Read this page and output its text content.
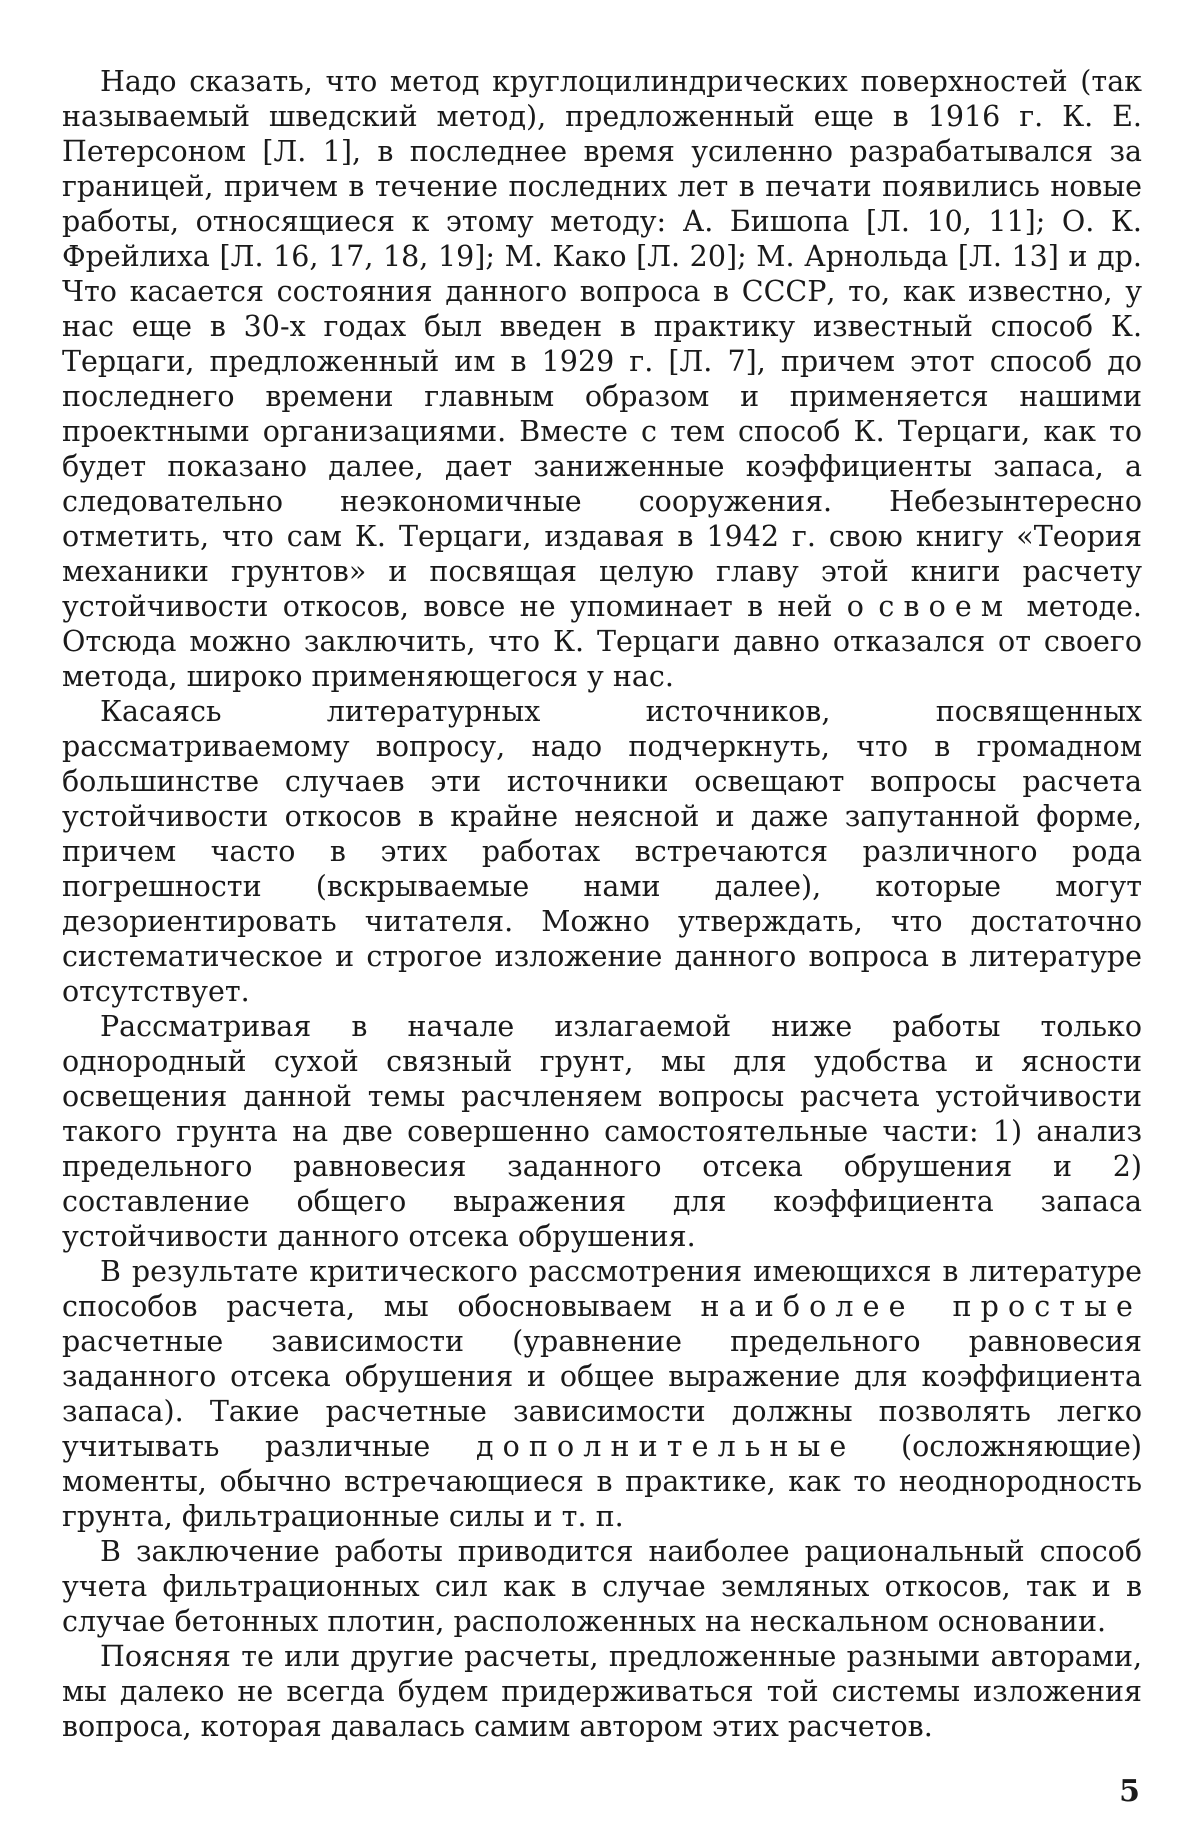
Надо сказать, что метод круглоцилиндрических поверхностей (так называемый шведский метод), предложенный еще в 1916 г. К. Е. Петерсоном [Л. 1], в последнее время усиленно разрабатывался за границей, причем в течение последних лет в печати появились новые работы, относящиеся к этому методу: А. Бишопа [Л. 10, 11]; О. К. Фрейлиха [Л. 16, 17, 18, 19]; М. Како [Л. 20]; М. Арнольда [Л. 13] и др. Что касается состояния данного вопроса в СССР, то, как известно, у нас еще в 30-х годах был введен в практику известный способ К. Терцаги, предложенный им в 1929 г. [Л. 7], причем этот способ до последнего времени главным образом и применяется нашими проектными организациями. Вместе с тем способ К. Терцаги, как то будет показано далее, дает заниженные коэффициенты запаса, а следовательно неэкономичные сооружения. Небезынтересно отметить, что сам К. Терцаги, издавая в 1942 г. свою книгу «Теория механики грунтов» и посвящая целую главу этой книги расчету устойчивости откосов, вовсе не упоминает в ней о своем методе. Отсюда можно заключить, что К. Терцаги давно отказался от своего метода, широко применяющегося у нас.

Касаясь литературных источников, посвященных рассматриваемому вопросу, надо подчеркнуть, что в громадном большинстве случаев эти источники освещают вопросы расчета устойчивости откосов в крайне неясной и даже запутанной форме, причем часто в этих работах встречаются различного рода погрешности (вскрываемые нами далее), которые могут дезориентировать читателя. Можно утверждать, что достаточно систематическое и строгое изложение данного вопроса в литературе отсутствует.

Рассматривая в начале излагаемой ниже работы только однородный сухой связный грунт, мы для удобства и ясности освещения данной темы расчленяем вопросы расчета устойчивости такого грунта на две совершенно самостоятельные части: 1) анализ предельного равновесия заданного отсека обрушения и 2) составление общего выражения для коэффициента запаса устойчивости данного отсека обрушения.

В результате критического рассмотрения имеющихся в литературе способов расчета, мы обосновываем наиболее простые расчетные зависимости (уравнение предельного равновесия заданного отсека обрушения и общее выражение для коэффициента запаса). Такие расчетные зависимости должны позволять легко учитывать различные дополнительные (осложняющие) моменты, обычно встречающиеся в практике, как то неоднородность грунта, фильтрационные силы и т. п.

В заключение работы приводится наиболее рациональный способ учета фильтрационных сил как в случае земляных откосов, так и в случае бетонных плотин, расположенных на нескальном основании.

Поясняя те или другие расчеты, предложенные разными авторами, мы далеко не всегда будем придерживаться той системы изложения вопроса, которая давалась самим автором этих расчетов.

5
